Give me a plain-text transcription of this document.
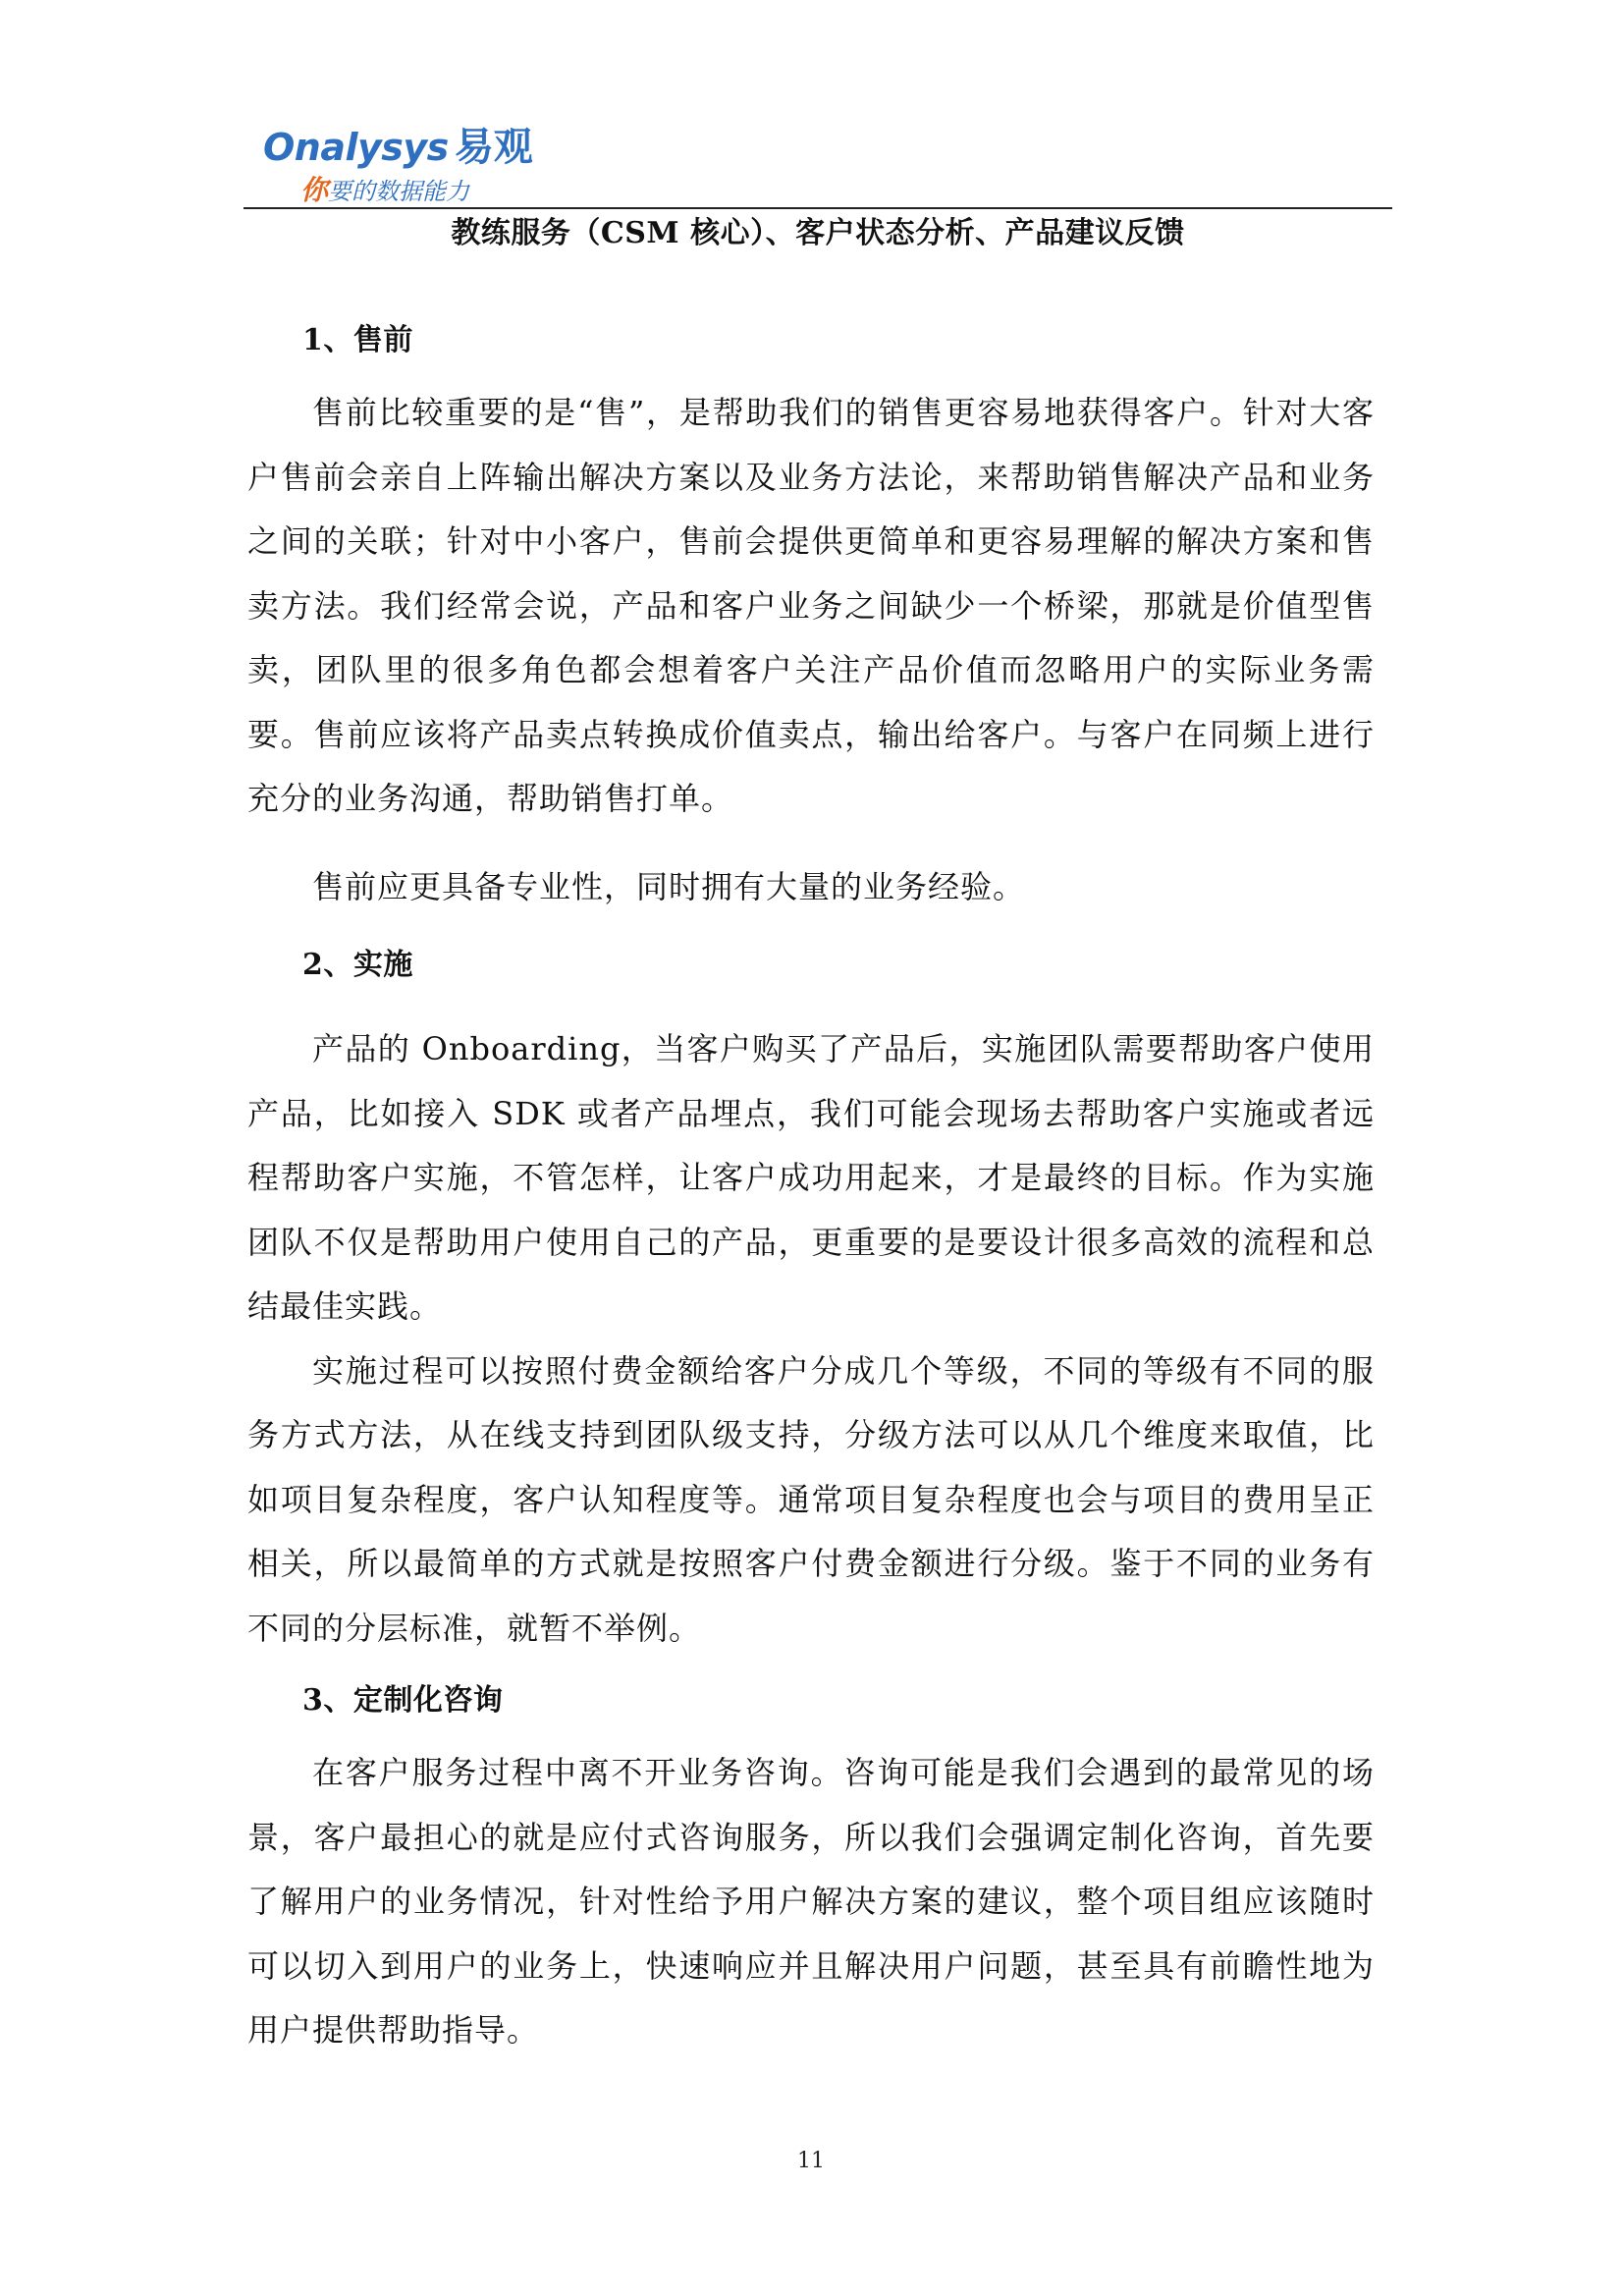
Onalysys 易观
你要的数据能力
教练服务（CSM 核心）、客户状态分析、产品建议反馈
1、售前

售前比较重要的是“售”，是帮助我们的销售更容易地获得客户。针对大客户售前会亲自上阵输出解决方案以及业务方法论，来帮助销售解决产品和业务之间的关联；针对中小客户，售前会提供更简单和更容易理解的解决方案和售卖方法。我们经常会说，产品和客户业务之间缺少一个桥梁，那就是价值型售卖，团队里的很多角色都会想着客户关注产品价值而忽略用户的实际业务需要。售前应该将产品卖点转换成价值卖点，输出给客户。与客户在同频上进行充分的业务沟通，帮助销售打单。

售前应更具备专业性，同时拥有大量的业务经验。

2、实施

产品的 Onboarding，当客户购买了产品后，实施团队需要帮助客户使用产品，比如接入 SDK 或者产品埋点，我们可能会现场去帮助客户实施或者远程帮助客户实施，不管怎样，让客户成功用起来，才是最终的目标。作为实施团队不仅是帮助用户使用自己的产品，更重要的是要设计很多高效的流程和总结最佳实践。

实施过程可以按照付费金额给客户分成几个等级，不同的等级有不同的服务方式方法，从在线支持到团队级支持，分级方法可以从几个维度来取值，比如项目复杂程度，客户认知程度等。通常项目复杂程度也会与项目的费用呈正相关，所以最简单的方式就是按照客户付费金额进行分级。鉴于不同的业务有不同的分层标准，就暂不举例。

3、定制化咨询

在客户服务过程中离不开业务咨询。咨询可能是我们会遇到的最常见的场景，客户最担心的就是应付式咨询服务，所以我们会强调定制化咨询，首先要了解用户的业务情况，针对性给予用户解决方案的建议，整个项目组应该随时可以切入到用户的业务上，快速响应并且解决用户问题，甚至具有前瞻性地为用户提供帮助指导。

11
